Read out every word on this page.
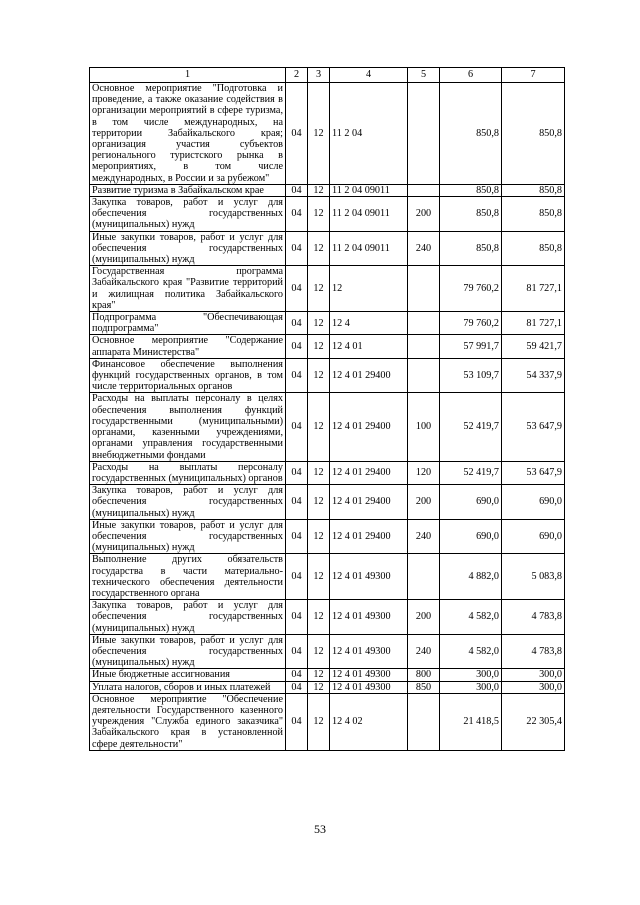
1	2	3	4	5	6	7
Основное мероприятие "Подготовка и проведение, а также оказание содействия в организации мероприятий в сфере туризма, в том числе международных, на территории Забайкальского края; организация участия субъектов регионального туристского рынка в мероприятиях, в том числе международных, в России и за рубежом"	04	12	11 2 04		850,8	850,8
Развитие туризма в Забайкальском крае	04	12	11 2 04 09011		850,8	850,8
Закупка товаров, работ и услуг для обеспечения государственных (муниципальных) нужд	04	12	11 2 04 09011	200	850,8	850,8
Иные закупки товаров, работ и услуг для обеспечения государственных (муниципальных) нужд	04	12	11 2 04 09011	240	850,8	850,8
Государственная программа Забайкальского края "Развитие территорий и жилищная политика Забайкальского края"	04	12	12		79 760,2	81 727,1
Подпрограмма "Обеспечивающая подпрограмма"	04	12	12 4		79 760,2	81 727,1
Основное мероприятие "Содержание аппарата Министерства"	04	12	12 4 01		57 991,7	59 421,7
Финансовое обеспечение выполнения функций государственных органов, в том числе территориальных органов	04	12	12 4 01 29400		53 109,7	54 337,9
Расходы на выплаты персоналу в целях обеспечения выполнения функций государственными (муниципальными) органами, казенными учреждениями, органами управления государственными внебюджетными фондами	04	12	12 4 01 29400	100	52 419,7	53 647,9
Расходы на выплаты персоналу государственных (муниципальных) органов	04	12	12 4 01 29400	120	52 419,7	53 647,9
Закупка товаров, работ и услуг для обеспечения государственных (муниципальных) нужд	04	12	12 4 01 29400	200	690,0	690,0
Иные закупки товаров, работ и услуг для обеспечения государственных (муниципальных) нужд	04	12	12 4 01 29400	240	690,0	690,0
Выполнение других обязательств государства в части материально-технического обеспечения деятельности государственного органа	04	12	12 4 01 49300		4 882,0	5 083,8
Закупка товаров, работ и услуг для обеспечения государственных (муниципальных) нужд	04	12	12 4 01 49300	200	4 582,0	4 783,8
Иные закупки товаров, работ и услуг для обеспечения государственных (муниципальных) нужд	04	12	12 4 01 49300	240	4 582,0	4 783,8
Иные бюджетные ассигнования	04	12	12 4 01 49300	800	300,0	300,0
Уплата налогов, сборов и иных платежей	04	12	12 4 01 49300	850	300,0	300,0
Основное мероприятие "Обеспечение деятельности Государственного казенного учреждения "Служба единого заказчика" Забайкальского края в установленной сфере деятельности"	04	12	12 4 02		21 418,5	22 305,4
53
